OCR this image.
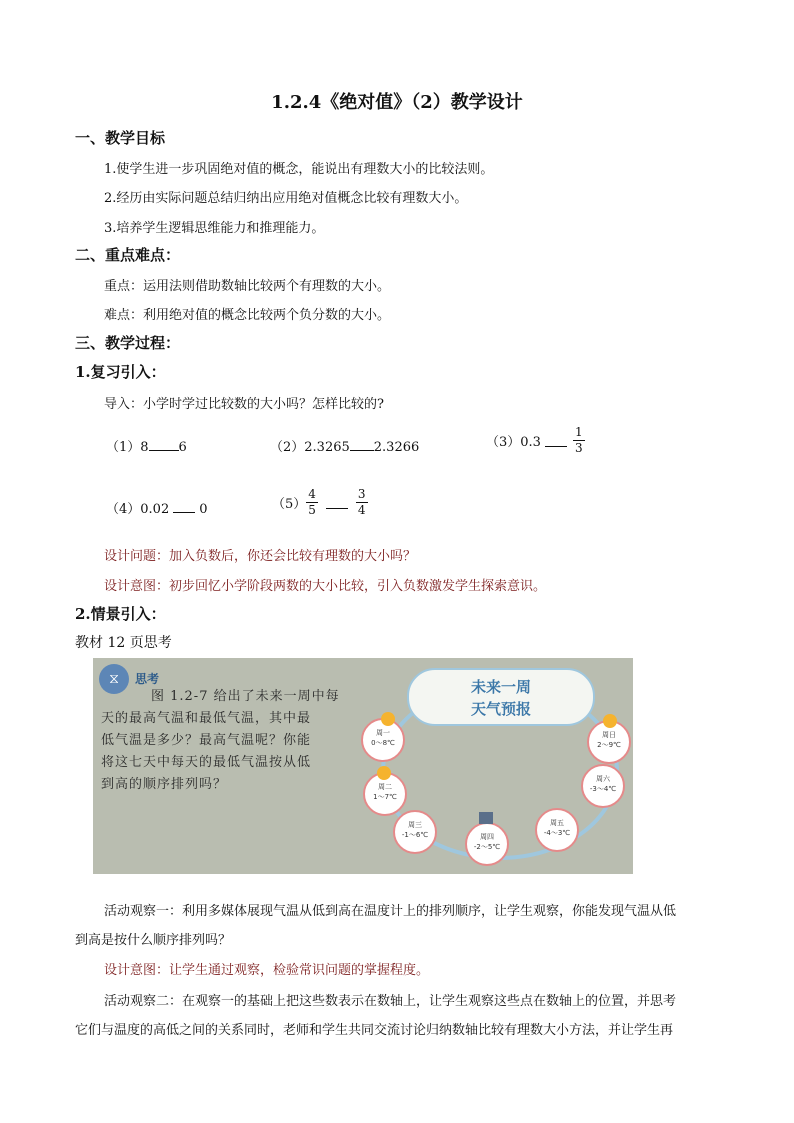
1.2.4《绝对值》（2）教学设计
一、教学目标
1.使学生进一步巩固绝对值的概念，能说出有理数大小的比较法则。
2.经历由实际问题总结归纳出应用绝对值概念比较有理数大小。
3.培养学生逻辑思维能力和推理能力。
二、重点难点：
重点：运用法则借助数轴比较两个有理数的大小。
难点：利用绝对值的概念比较两个负分数的大小。
三、教学过程：
1.复习引入：
导入：小学时学过比较数的大小吗？怎样比较的?
（1）8 6	（2）2.3265 2.3266	（3）0.3	$\frac{1}{3}$
（4）0.02 0	$(5) \frac{4}{5}$	$\frac{3}{4}$
设计问题：加入负数后，你还会比较有理数的大小吗？
设计意图：初步回忆小学阶段两数的大小比较，引入负数激发学生探索意识。
2.情景引入：
教材 12 页思考
⧖	思考
图 1.2-7 给出了未来一周中每
天的最高气温和最低气温，其中最
低气温是多少？最高气温呢？你能
将这七天中每天的最低气温按从低
到高的顺序排列吗？
未来一周
天气预报
周一
0～8℃
周二
1～7℃
周三
-1～6℃	周四
-2～5℃
周五
-4～3℃
周六
-3～4℃
周日
2～9℃
活动观察一：利用多媒体展现气温从低到高在温度计上的排列顺序，让学生观察，你能发现气温从低
到高是按什么顺序排列吗？
设计意图：让学生通过观察，检验常识问题的掌握程度。
活动观察二：在观察一的基础上把这些数表示在数轴上，让学生观察这些点在数轴上的位置，并思考
它们与温度的高低之间的关系同时，老师和学生共同交流讨论归纳数轴比较有理数大小方法，并让学生再
